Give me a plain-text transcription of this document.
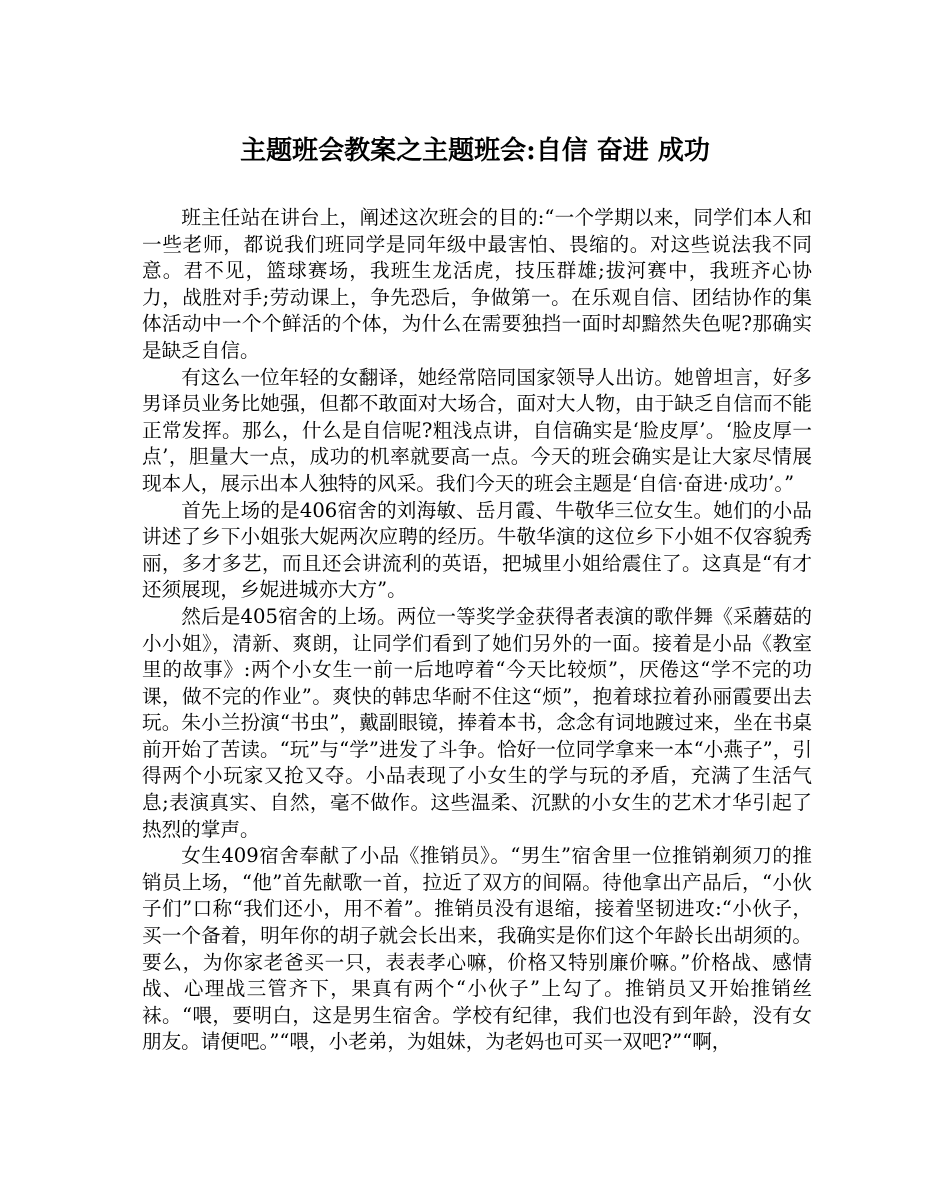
主题班会教案之主题班会:自信 奋进 成功

班主任站在讲台上，阐述这次班会的目的:“一个学期以来，同学们本人和一些老师，都说我们班同学是同年级中最害怕、畏缩的。对这些说法我不同意。君不见，篮球赛场，我班生龙活虎，技压群雄;拔河赛中，我班齐心协力，战胜对手;劳动课上，争先恐后，争做第一。在乐观自信、团结协作的集体活动中一个个鲜活的个体，为什么在需要独挡一面时却黯然失色呢?那确实是缺乏自信。

有这么一位年轻的女翻译，她经常陪同国家领导人出访。她曾坦言，好多男译员业务比她强，但都不敢面对大场合，面对大人物，由于缺乏自信而不能正常发挥。那么，什么是自信呢?粗浅点讲，自信确实是‘脸皮厚’。‘脸皮厚一点’，胆量大一点，成功的机率就要高一点。今天的班会确实是让大家尽情展现本人，展示出本人独特的风采。我们今天的班会主题是‘自信·奋进·成功’。”

首先上场的是406宿舍的刘海敏、岳月霞、牛敬华三位女生。她们的小品讲述了乡下小姐张大妮两次应聘的经历。牛敬华演的这位乡下小姐不仅容貌秀丽，多才多艺，而且还会讲流利的英语，把城里小姐给震住了。这真是“有才还须展现，乡妮进城亦大方”。

然后是405宿舍的上场。两位一等奖学金获得者表演的歌伴舞《采蘑菇的小小姐》，清新、爽朗，让同学们看到了她们另外的一面。接着是小品《教室　里的故事》:两个小女生一前一后地哼着“今天比较烦”，厌倦这“学不完的功课，做不完的作业”。爽快的韩忠华耐不住这“烦”，抱着球拉着孙丽霞要出去玩。朱小兰扮演“书虫”，戴副眼镜，捧着本书，念念有词地踱过来，坐在书桌前开始了苦读。“玩”与“学”进发了斗争。恰好一位同学拿来一本“小燕子”，引得两个小玩家又抢又夺。小品表现了小女生的学与玩的矛盾，充满了生活气息;表演真实、自然，毫不做作。这些温柔、沉默的小女生的艺术才华引起了热烈的掌声。

女生409宿舍奉献了小品《推销员》。“男生”宿舍里一位推销剃须刀的推销员上场，“他”首先献歌一首，拉近了双方的间隔。待他拿出产品后，“小伙子们”口称“我们还小，用不着”。推销员没有退缩，接着坚韧进攻:“小伙子，买一个备着，明年你的胡子就会长出来，我确实是你们这个年龄长出胡须的。要么，为你家老爸买一只，表表孝心嘛，价格又特别廉价嘛。”价格战、感情战、心理战三管齐下，果真有两个“小伙子”上勾了。推销员又开始推销丝袜。“喂，要明白，这是男生宿舍。学校有纪律，我们也没有到年龄，没有女朋友。请便吧。”“喂，小老弟，为姐妹，为老妈也可买一双吧?”“啊，
